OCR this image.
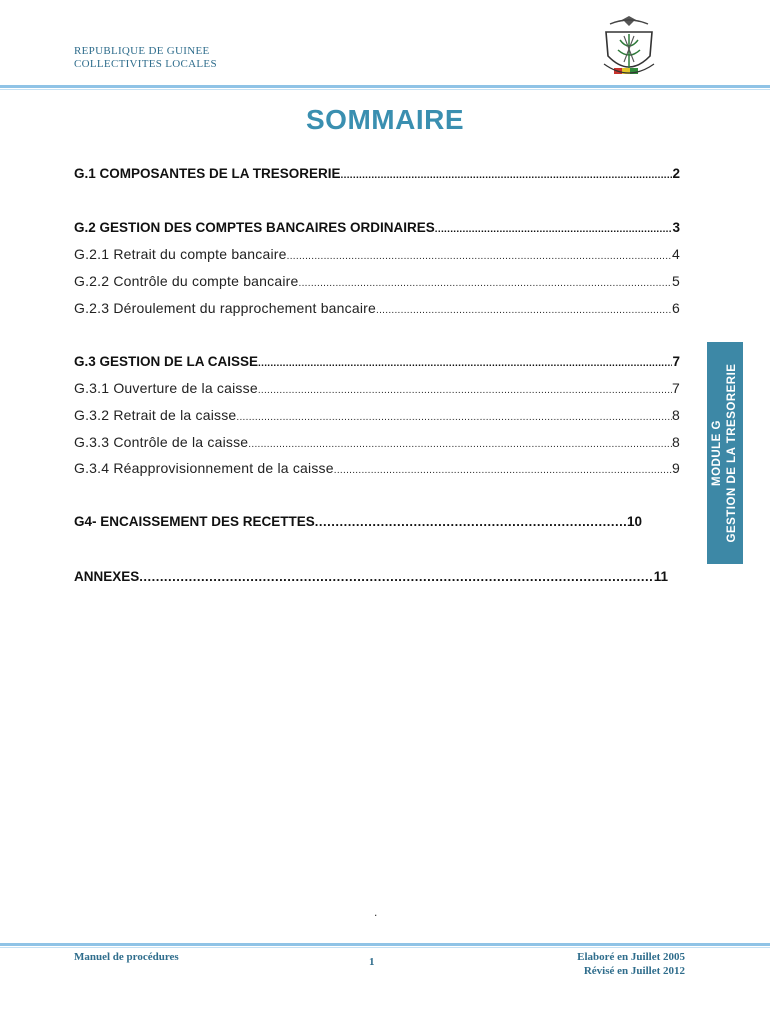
REPUBLIQUE DE GUINEE
COLLECTIVITES LOCALES
SOMMAIRE
G.1 COMPOSANTES DE LA TRESORERIE .....	2
G.2 GESTION DES COMPTES BANCAIRES ORDINAIRES .....	3
G.2.1 Retrait du compte bancaire .....	4
G.2.2 Contrôle du compte bancaire .....	5
G.2.3 Déroulement du rapprochement bancaire .....	6
G.3 GESTION DE LA CAISSE .....	7
G.3.1 Ouverture de la caisse .....	7
G.3.2 Retrait de la caisse .....	8
G.3.3 Contrôle de la caisse .....	8
G.3.4 Réapprovisionnement de la caisse .....	9
G4- ENCAISSEMENT DES RECETTES .....	10
ANNEXES .....	11
MODULE G GESTION DE LA TRESORERIE
.
Manuel de procédures	1	Elaboré en Juillet 2005
Révisé en Juillet 2012
